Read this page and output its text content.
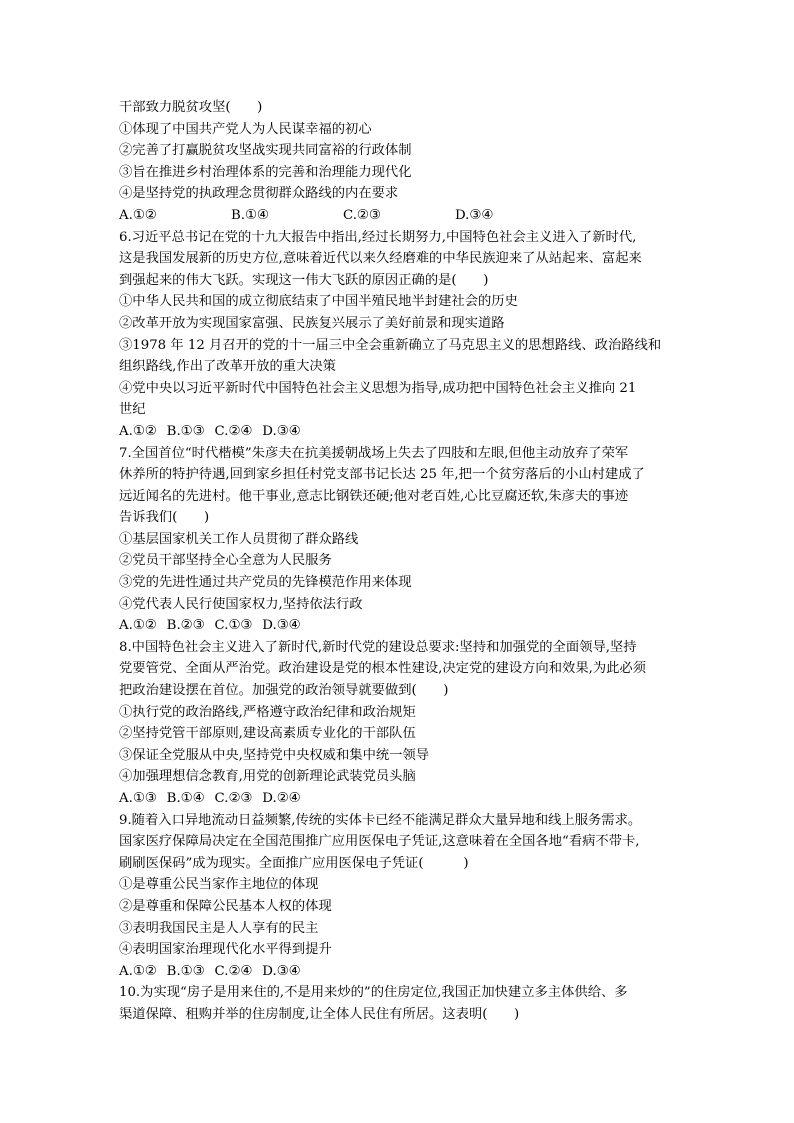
干部致力脱贫攻坚(　　)
①体现了中国共产党人为人民谋幸福的初心
②完善了打赢脱贫攻坚战实现共同富裕的行政体制
③旨在推进乡村治理体系的完善和治理能力现代化
④是坚持党的执政理念贯彻群众路线的内在要求
A.①②	B.①④	C.②③	D.③④
6.习近平总书记在党的十九大报告中指出,经过长期努力,中国特色社会主义进入了新时代,
这是我国发展新的历史方位,意味着近代以来久经磨难的中华民族迎来了从站起来、富起来
到强起来的伟大飞跃。实现这一伟大飞跃的原因正确的是(　　)
①中华人民共和国的成立彻底结束了中国半殖民地半封建社会的历史
②改革开放为实现国家富强、民族复兴展示了美好前景和现实道路
③1978 年 12 月召开的党的十一届三中全会重新确立了马克思主义的思想路线、政治路线和
组织路线,作出了改革开放的重大决策
④党中央以习近平新时代中国特色社会主义思想为指导,成功把中国特色社会主义推向 21
世纪
A.①② B.①③ C.②④ D.③④
7.全国首位“时代楷模”朱彦夫在抗美援朝战场上失去了四肢和左眼,但他主动放弃了荣军
休养所的特护待遇,回到家乡担任村党支部书记长达 25 年,把一个贫穷落后的小山村建成了
远近闻名的先进村。他干事业,意志比钢铁还硬;他对老百姓,心比豆腐还软,朱彦夫的事迹
告诉我们(　　)
①基层国家机关工作人员贯彻了群众路线
②党员干部坚持全心全意为人民服务
③党的先进性通过共产党员的先锋模范作用来体现
④党代表人民行使国家权力,坚持依法行政
A.①② B.②③ C.①③ D.③④
8.中国特色社会主义进入了新时代,新时代党的建设总要求:坚持和加强党的全面领导,坚持
党要管党、全面从严治党。政治建设是党的根本性建设,决定党的建设方向和效果,为此必须
把政治建设摆在首位。加强党的政治领导就要做到(　　)
①执行党的政治路线,严格遵守政治纪律和政治规矩
②坚持党管干部原则,建设高素质专业化的干部队伍
③保证全党服从中央,坚持党中央权威和集中统一领导
④加强理想信念教育,用党的创新理论武装党员头脑
A.①③ B.①④ C.②③ D.②④
9.随着入口异地流动日益频繁,传统的实体卡已经不能满足群众大量异地和线上服务需求。
国家医疗保障局决定在全国范围推广应用医保电子凭证,这意味着在全国各地“看病不带卡,
刷刷医保码”成为现实。全面推广应用医保电子凭证(　　　)
①是尊重公民当家作主地位的体现
②是尊重和保障公民基本人权的体现
③表明我国民主是人人享有的民主
④表明国家治理现代化水平得到提升
A.①② B.①③ C.②④ D.③④
10.为实现“房子是用来住的,不是用来炒的”的住房定位,我国正加快建立多主体供给、多
渠道保障、租购并举的住房制度,让全体人民住有所居。这表明(　　)
